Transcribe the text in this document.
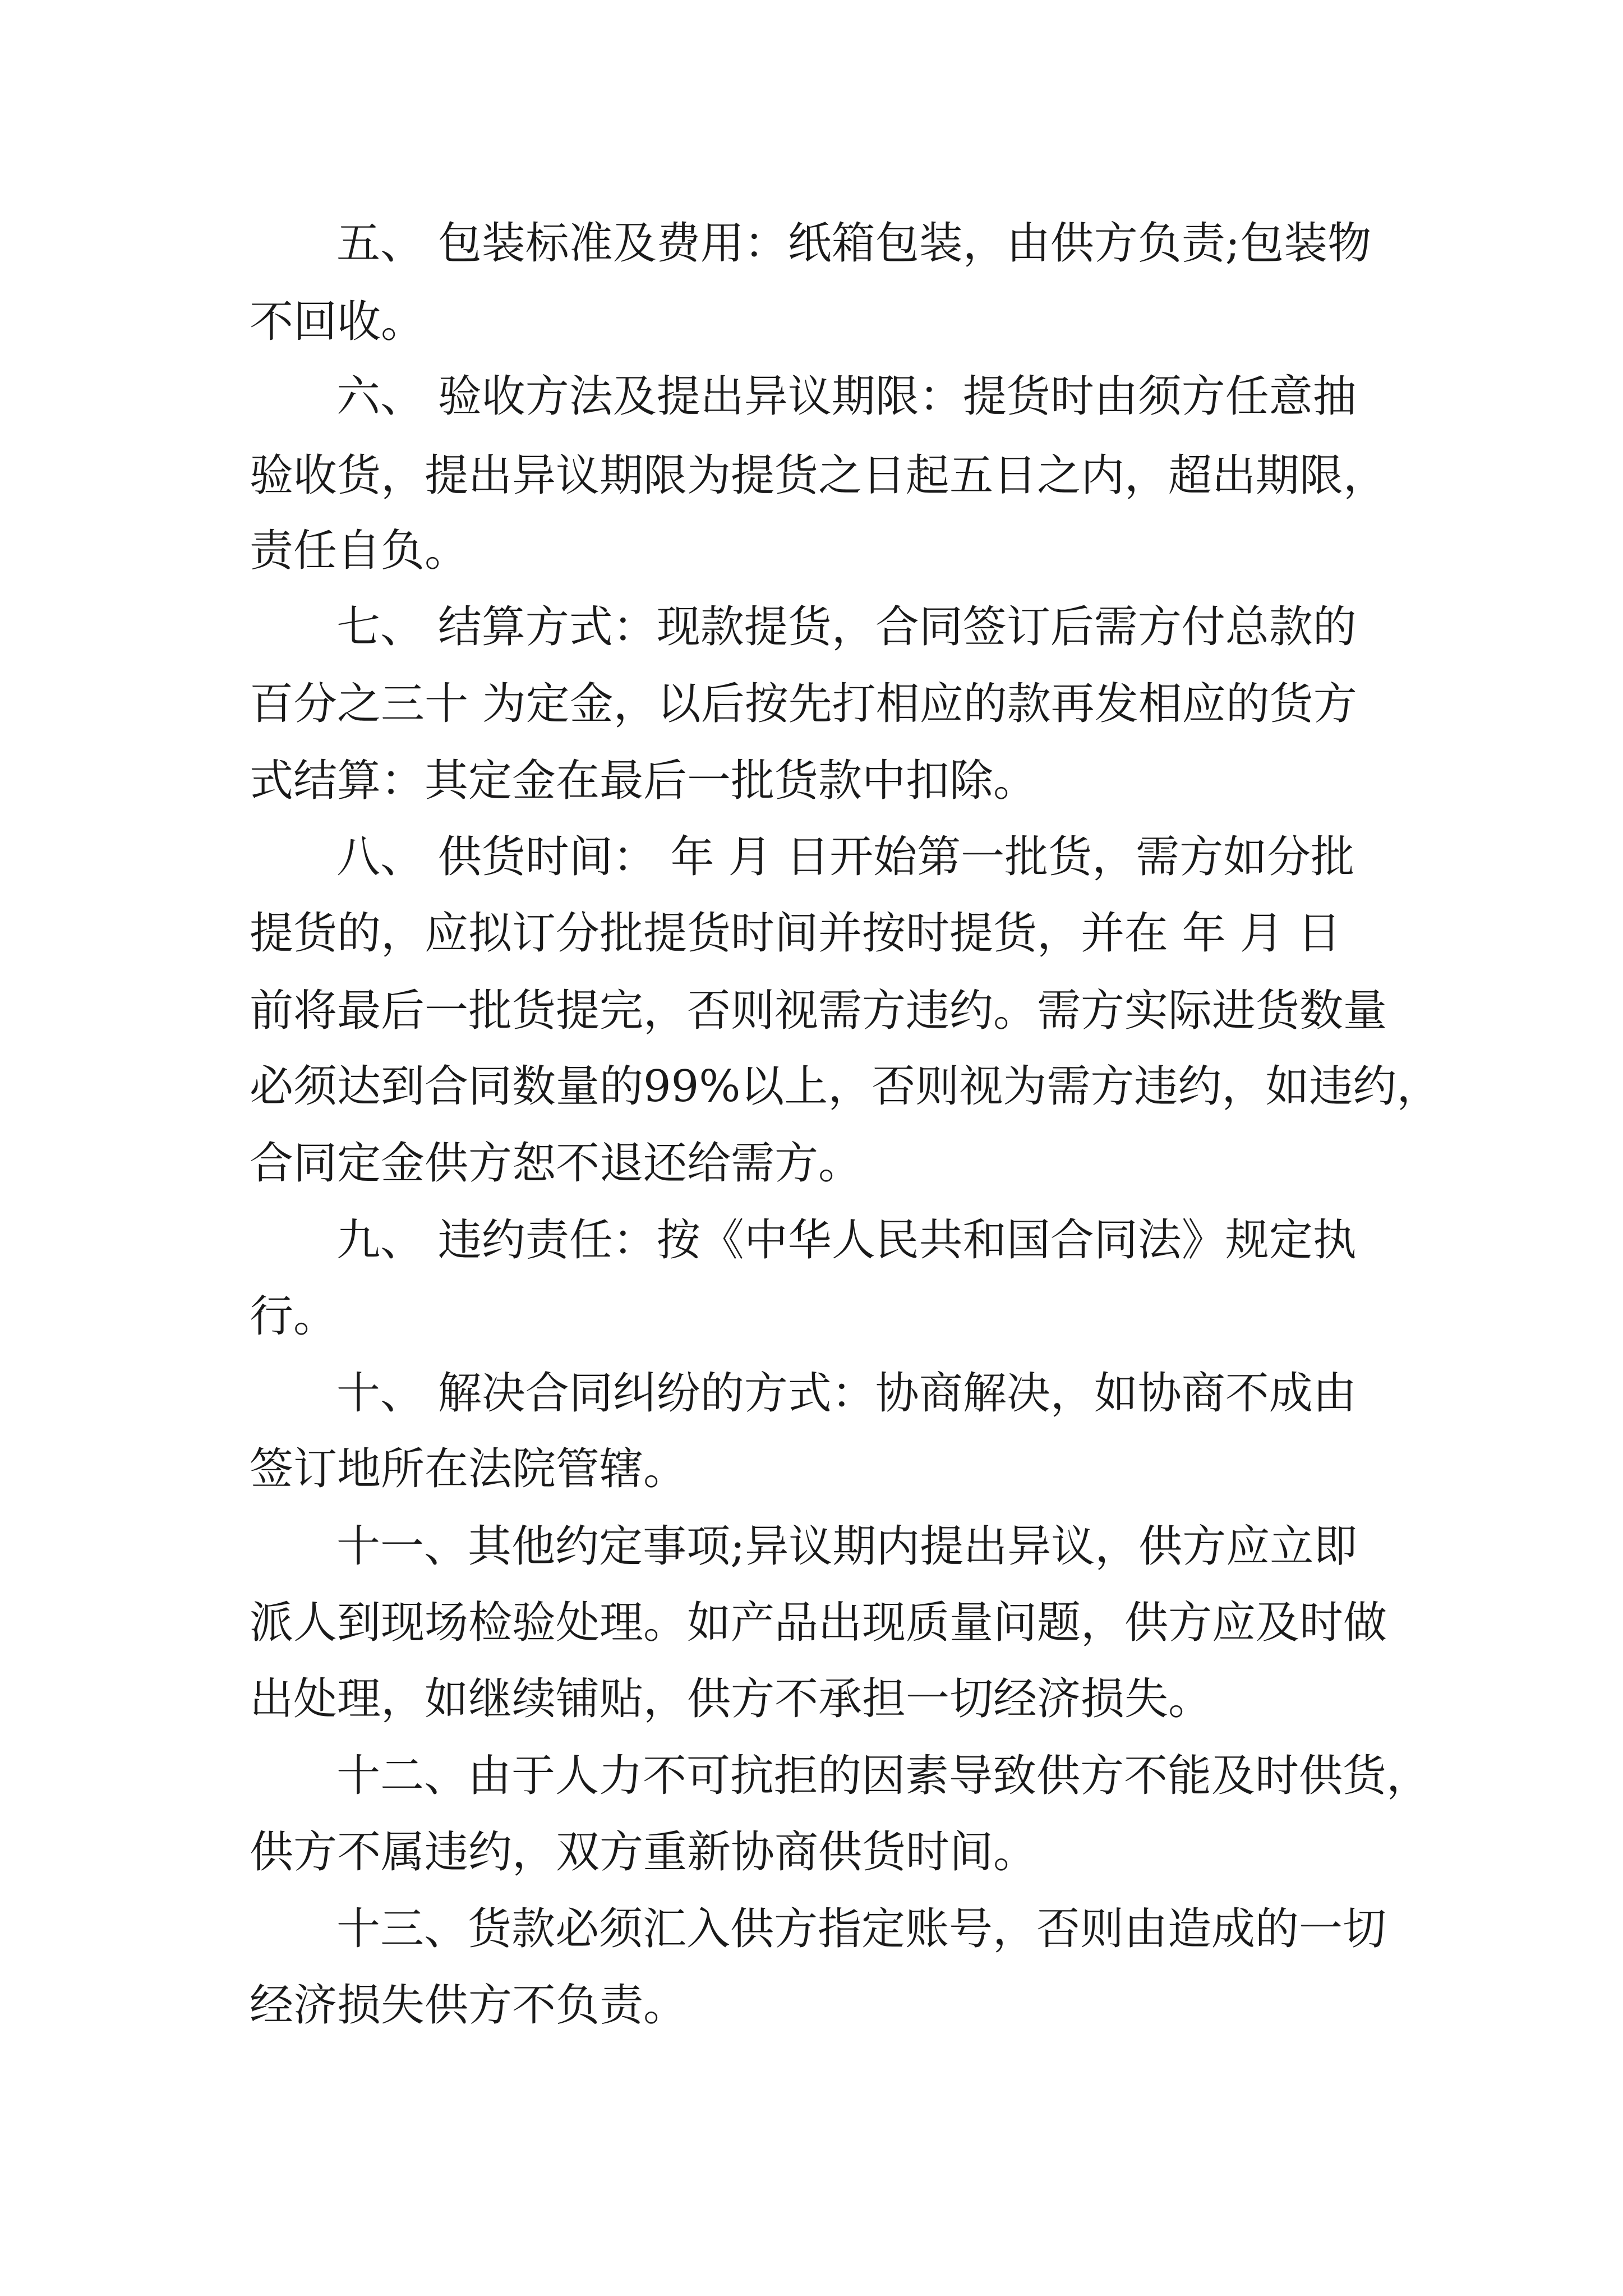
五、 包装标准及费用：纸箱包装，由供方负责;包装物

不回收。

六、 验收方法及提出异议期限：提货时由须方任意抽

验收货，提出异议期限为提货之日起五日之内，超出期限，

责任自负。

七、 结算方式：现款提货，合同签订后需方付总款的

百分之三十 为定金，以后按先打相应的款再发相应的货方

式结算：其定金在最后一批货款中扣除。

八、 供货时间： 年 月 日开始第一批货，需方如分批

提货的，应拟订分批提货时间并按时提货，并在 年 月 日

前将最后一批货提完，否则视需方违约。需方实际进货数量

必须达到合同数量的99%以上，否则视为需方违约，如违约，

合同定金供方恕不退还给需方。

九、 违约责任：按《中华人民共和国合同法》规定执

行。

十、 解决合同纠纷的方式：协商解决，如协商不成由

签订地所在法院管辖。

十一、其他约定事项;异议期内提出异议，供方应立即

派人到现场检验处理。如产品出现质量问题，供方应及时做

出处理，如继续铺贴，供方不承担一切经济损失。

十二、由于人力不可抗拒的因素导致供方不能及时供货，

供方不属违约，双方重新协商供货时间。

十三、货款必须汇入供方指定账号，否则由造成的一切

经济损失供方不负责。
